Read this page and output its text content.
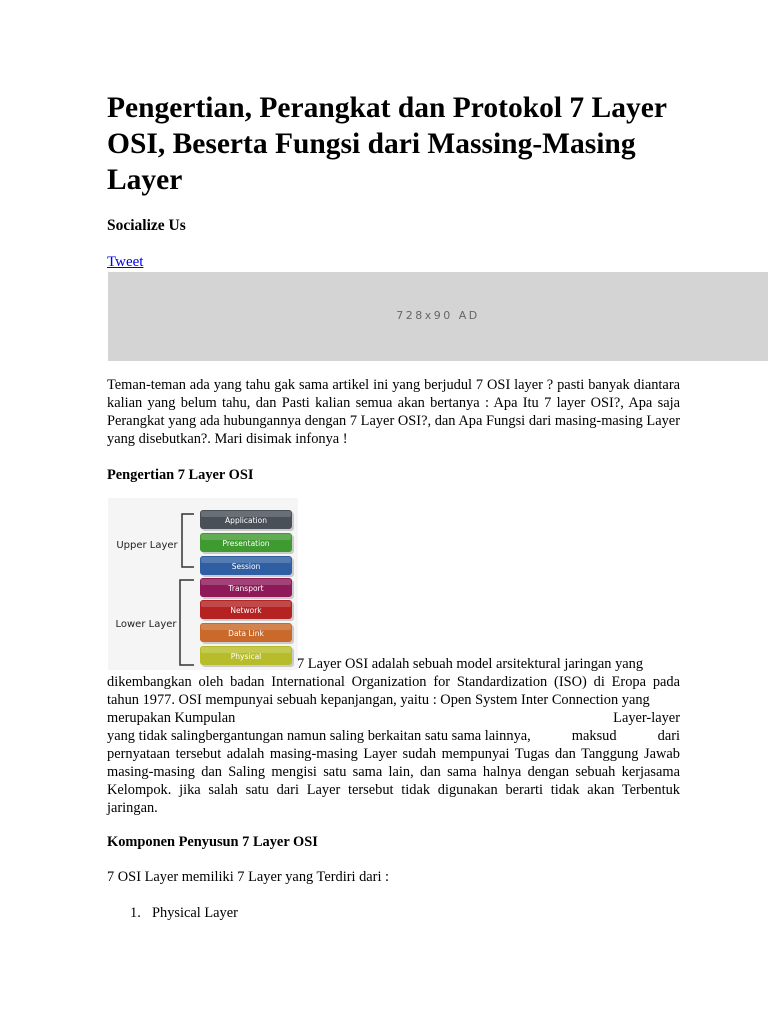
Pengertian, Perangkat dan Protokol 7 Layer OSI, Beserta Fungsi dari Massing-Masing Layer
Socialize Us
Tweet
728x90 AD

Teman-teman ada yang tahu gak sama artikel ini yang berjudul 7 OSI layer ? pasti banyak diantara kalian yang belum tahu, dan Pasti kalian semua akan bertanya : Apa Itu 7 layer OSI?, Apa saja Perangkat yang ada hubungannya dengan 7 Layer OSI?, dan Apa Fungsi dari masing-masing Layer yang disebutkan?. Mari disimak infonya !

Pengertian 7 Layer OSI
Upper Layer
Lower Layer
Application
Presentation
Session
Transport
Network
Data Link
Physical	7 Layer OSI adalah sebuah model arsitektural jaringan yang
dikembangkan oleh badan International Organization for Standardization (ISO) di Eropa pada tahun 1977. OSI mempunyai sebuah kepanjangan, yaitu : Open System Inter Connection yang
merupakan Kumpulan	Layer-layer
yang tidak salingbergantungan namun saling berkaitan satu sama lainnya,	maksud	dari
pernyataan tersebut adalah masing-masing Layer sudah mempunyai Tugas dan Tanggung Jawab masing-masing dan Saling mengisi satu sama lain, dan sama halnya dengan sebuah kerjasama Kelompok. jika salah satu dari Layer tersebut tidak digunakan berarti tidak akan Terbentuk jaringan.
Komponen Penyusun 7 Layer OSI

7 OSI Layer memiliki 7 Layer yang Terdiri dari :

1. Physical Layer
